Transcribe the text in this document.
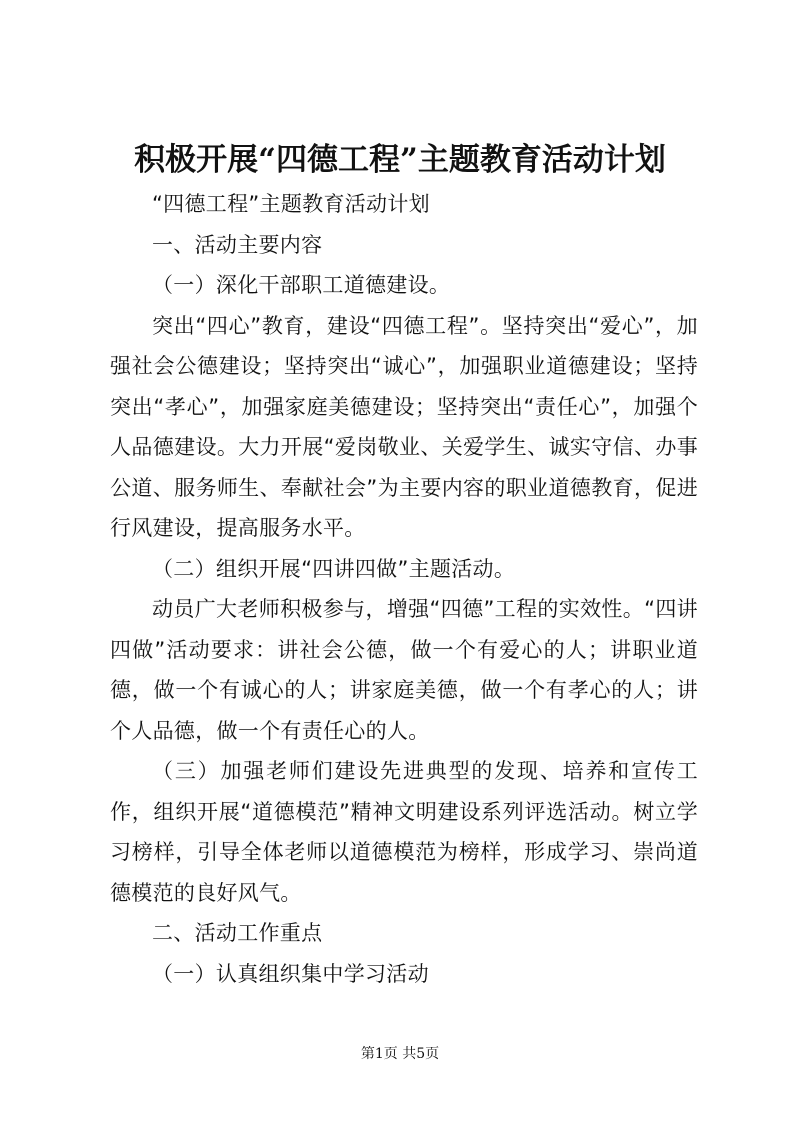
积极开展“四德工程”主题教育活动计划

“四德工程”主题教育活动计划

一、活动主要内容

（一）深化干部职工道德建设。

突出“四心”教育，建设“四德工程”。坚持突出“爱心”，加强社会公德建设；坚持突出“诚心”，加强职业道德建设；坚持突出“孝心”，加强家庭美德建设；坚持突出“责任心”，加强个人品德建设。大力开展“爱岗敬业、关爱学生、诚实守信、办事公道、服务师生、奉献社会”为主要内容的职业道德教育，促进行风建设，提高服务水平。

（二）组织开展“四讲四做”主题活动。

动员广大老师积极参与，增强“四德”工程的实效性。“四讲四做”活动要求：讲社会公德，做一个有爱心的人；讲职业道德，做一个有诚心的人；讲家庭美德，做一个有孝心的人；讲个人品德，做一个有责任心的人。

（三）加强老师们建设先进典型的发现、培养和宣传工作，组织开展“道德模范”精神文明建设系列评选活动。树立学习榜样，引导全体老师以道德模范为榜样，形成学习、崇尚道德模范的良好风气。

二、活动工作重点

（一）认真组织集中学习活动

第1页 共5页
